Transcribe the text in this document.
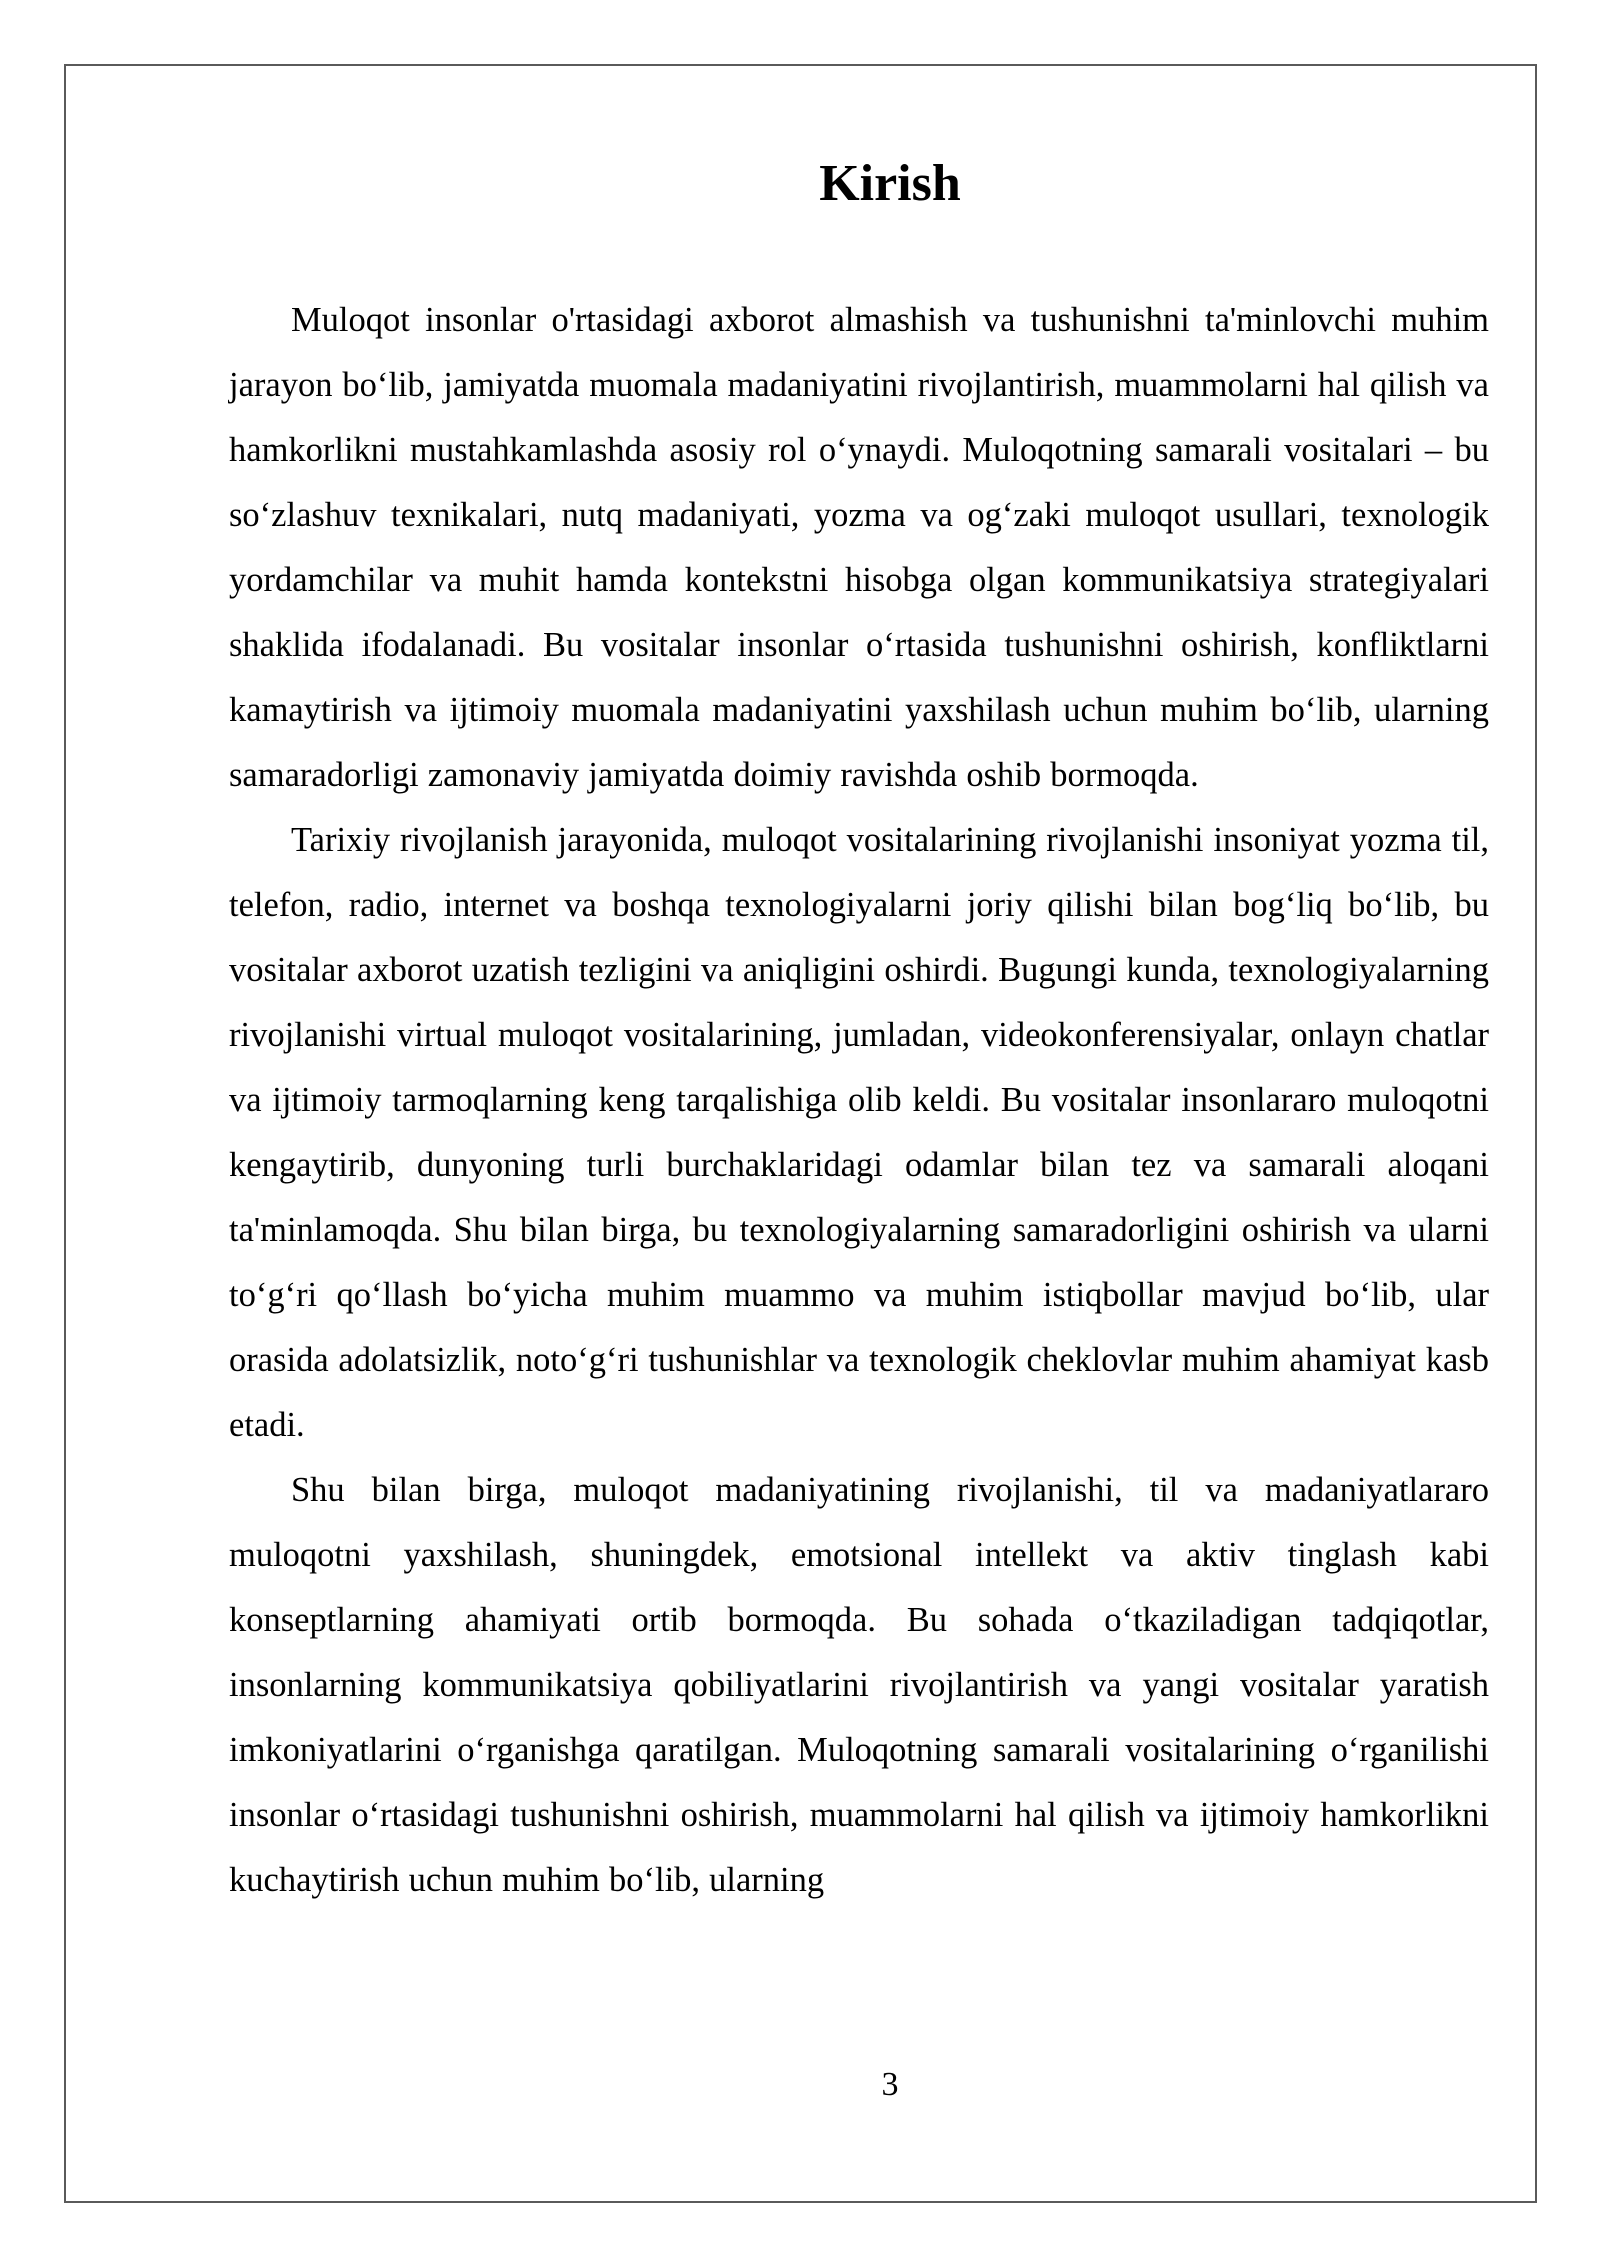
Kirish

Muloqot insonlar o'rtasidagi axborot almashish va tushunishni ta'minlovchi muhim jarayon bo‘lib, jamiyatda muomala madaniyatini rivojlantirish, muammolarni hal qilish va hamkorlikni mustahkamlashda asosiy rol o‘ynaydi. Muloqotning samarali vositalari – bu so‘zlashuv texnikalari, nutq madaniyati, yozma va og‘zaki muloqot usullari, texnologik yordamchilar va muhit hamda kontekstni hisobga olgan kommunikatsiya strategiyalari shaklida ifodalanadi. Bu vositalar insonlar o‘rtasida tushunishni oshirish, konfliktlarni kamaytirish va ijtimoiy muomala madaniyatini yaxshilash uchun muhim bo‘lib, ularning samaradorligi zamonaviy jamiyatda doimiy ravishda oshib bormoqda.

Tarixiy rivojlanish jarayonida, muloqot vositalarining rivojlanishi insoniyat yozma til, telefon, radio, internet va boshqa texnologiyalarni joriy qilishi bilan bog‘liq bo‘lib, bu vositalar axborot uzatish tezligini va aniqligini oshirdi. Bugungi kunda, texnologiyalarning rivojlanishi virtual muloqot vositalarining, jumladan, videokonferensiyalar, onlayn chatlar va ijtimoiy tarmoqlarning keng tarqalishiga olib keldi. Bu vositalar insonlararo muloqotni kengaytirib, dunyoning turli burchaklaridagi odamlar bilan tez va samarali aloqani ta'minlamoqda. Shu bilan birga, bu texnologiyalarning samaradorligini oshirish va ularni to‘g‘ri qo‘llash bo‘yicha muhim muammo va muhim istiqbollar mavjud bo‘lib, ular orasida adolatsizlik, noto‘g‘ri tushunishlar va texnologik cheklovlar muhim ahamiyat kasb etadi.

Shu bilan birga, muloqot madaniyatining rivojlanishi, til va madaniyatlararo muloqotni yaxshilash, shuningdek, emotsional intellekt va aktiv tinglash kabi konseptlarning ahamiyati ortib bormoqda. Bu sohada o‘tkaziladigan tadqiqotlar, insonlarning kommunikatsiya qobiliyatlarini rivojlantirish va yangi vositalar yaratish imkoniyatlarini o‘rganishga qaratilgan. Muloqotning samarali vositalarining o‘rganilishi insonlar o‘rtasidagi tushunishni oshirish, muammolarni hal qilish va ijtimoiy hamkorlikni kuchaytirish uchun muhim bo‘lib, ularning

3
